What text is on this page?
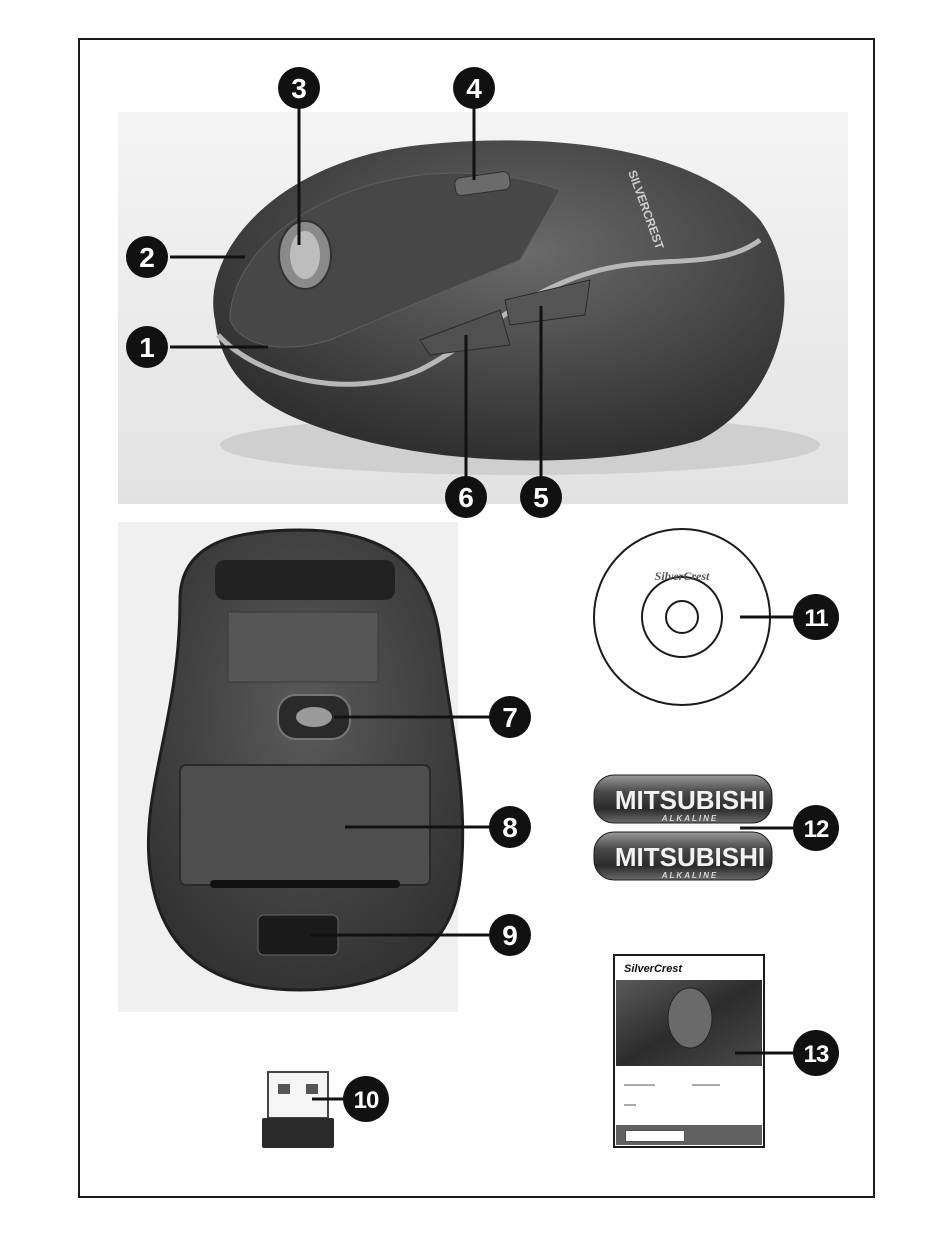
SILVERCREST
SilverCrest
MITSUBISHI
ALKALINE
MITSUBISHI
ALKALINE
SilverCrest
1
2
3	4
5
6
7
8
9
10
11
12
13
